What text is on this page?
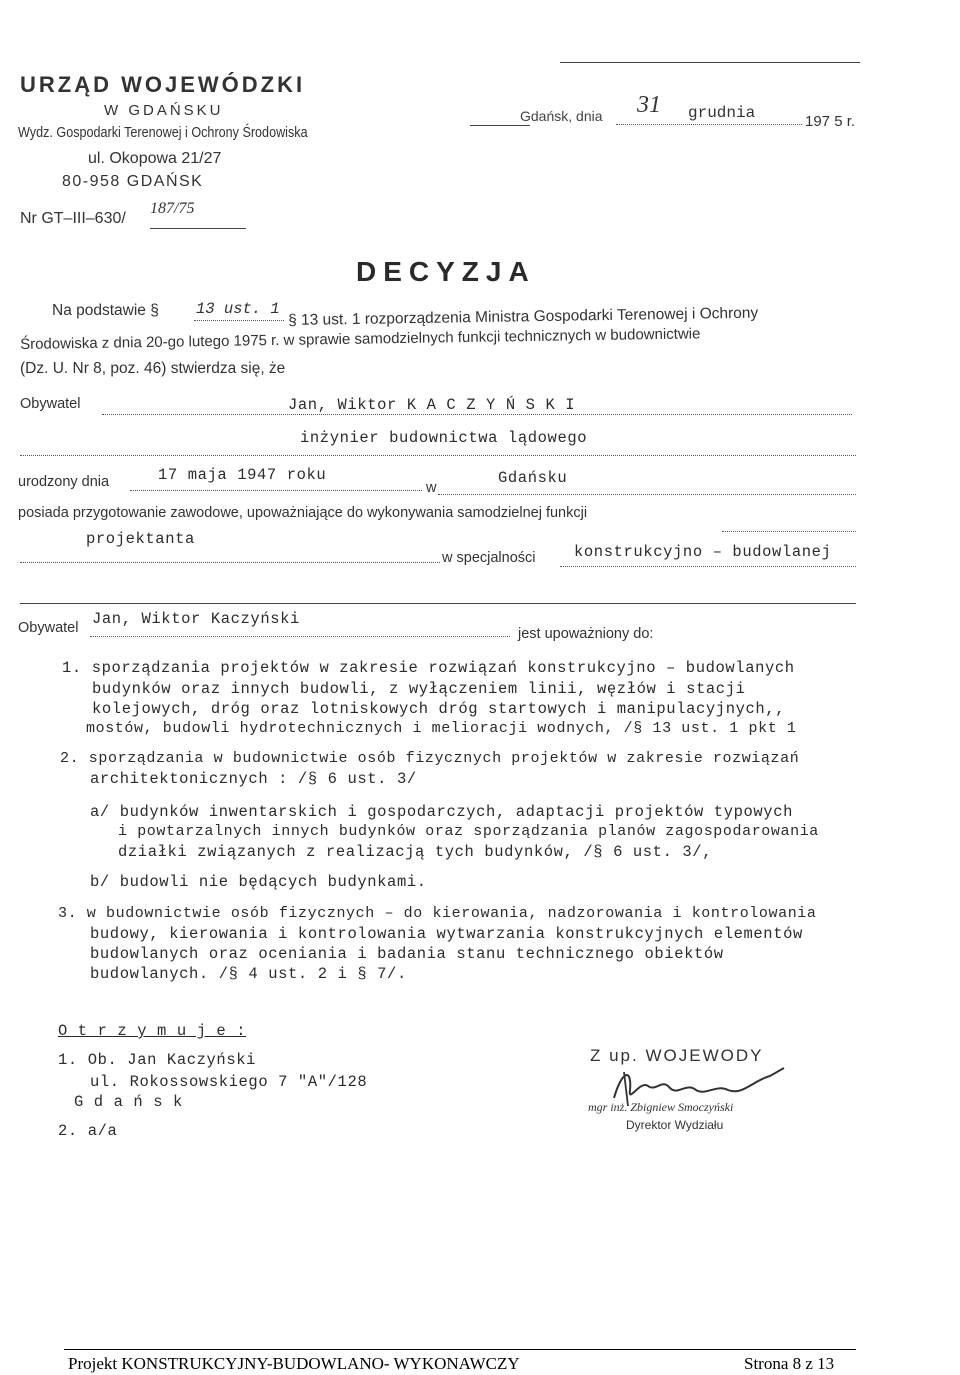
URZĄD WOJEWÓDZKI
W GDAŃSKU
Wydz. Gospodarki Terenowej i Ochrony Środowiska
ul. Okopowa 21/27
80-958 GDAŃSK
Nr GT–III–630/
187/75
Gdańsk, dnia 31 grudnia	197 5 r.
DECYZJA
Na podstawie § 13 ust. 1 § 13 ust. 1 rozporządzenia Ministra Gospodarki Terenowej i Ochrony
Środowiska z dnia 20-go lutego 1975 r. w sprawie samodzielnych funkcji technicznych w budownictwie
(Dz. U. Nr 8, poz. 46) stwierdza się, że
Obywatel	Jan, Wiktor K A C Z Y Ń S K I
inżynier budownictwa lądowego
urodzony dnia	17 maja 1947 roku
w
Gdańsku
posiada przygotowanie zawodowe, upoważniające do wykonywania samodzielnej funkcji
projektanta
w specjalności konstrukcyjno – budowlanej
Obywatel Jan, Wiktor Kaczyński
jest upoważniony do:
1. sporządzania projektów w zakresie rozwiązań konstrukcyjno – budowlanych
budynków oraz innych budowli, z wyłączeniem linii, węzłów i stacji
kolejowych, dróg oraz lotniskowych dróg startowych i manipulacyjnych,,
mostów, budowli hydrotechnicznych i melioracji wodnych, /§ 13 ust. 1 pkt 1
2. sporządzania w budownictwie osób fizycznych projektów w zakresie rozwiązań
architektonicznych : /§ 6 ust. 3/
a/ budynków inwentarskich i gospodarczych, adaptacji projektów typowych
i powtarzalnych innych budynków oraz sporządzania planów zagospodarowania
działki związanych z realizacją tych budynków, /§ 6 ust. 3/,
b/ budowli nie będących budynkami.
3. w budownictwie osób fizycznych – do kierowania, nadzorowania i kontrolowania
budowy, kierowania i kontrolowania wytwarzania konstrukcyjnych elementów
budowlanych oraz oceniania i badania stanu technicznego obiektów
budowlanych. /§ 4 ust. 2 i § 7/.
O t r z y m u j e :
1. Ob. Jan Kaczyński
ul. Rokossowskiego 7 "A"/128
G d a ń s k
2. a/a
Z up. WOJEWODY
mgr inż. Zbigniew Smoczyński
Dyrektor Wydziału
Projekt KONSTRUKCYJNY-BUDOWLANO- WYKONAWCZY	Strona 8 z 13
